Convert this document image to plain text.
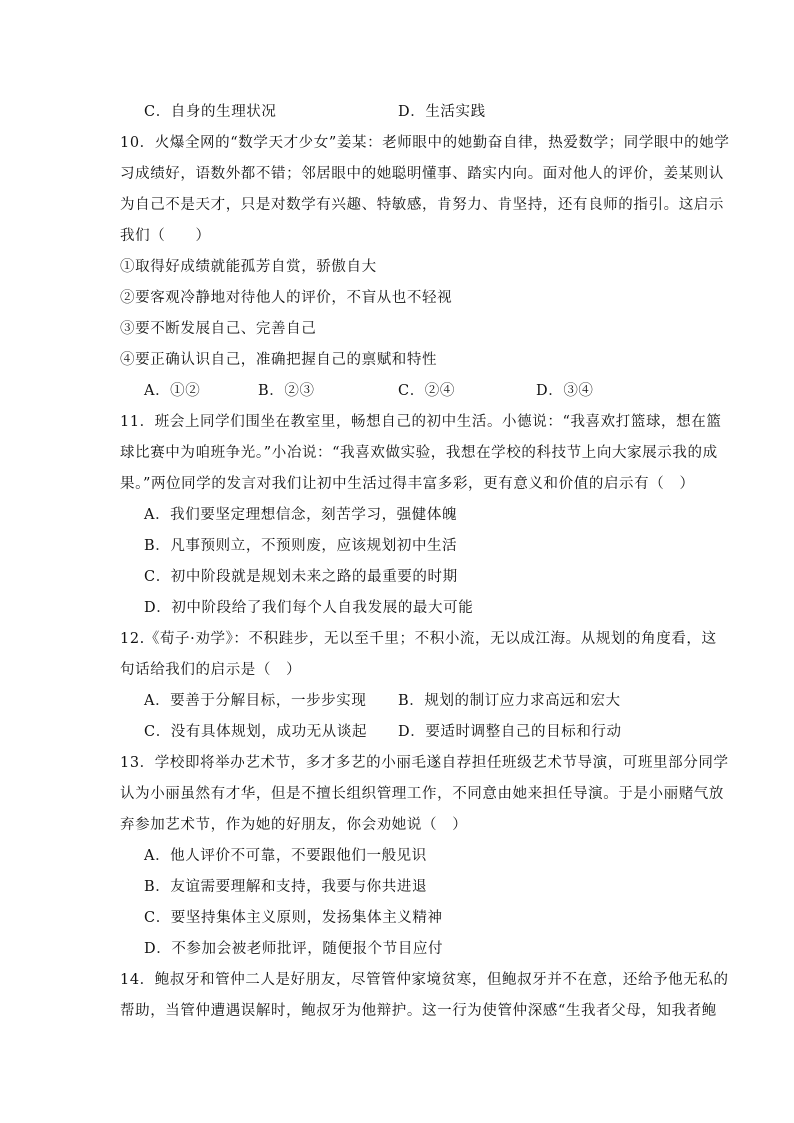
C．自身的生理状况	D．生活实践
10．火爆全网的“数学天才少女”姜某：老师眼中的她勤奋自律，热爱数学；同学眼中的她学
习成绩好，语数外都不错；邻居眼中的她聪明懂事、踏实内向。面对他人的评价，姜某则认
为自己不是天才，只是对数学有兴趣、特敏感，肯努力、肯坚持，还有良师的指引。这启示
我们（　　）
①取得好成绩就能孤芳自赏，骄傲自大
②要客观冷静地对待他人的评价，不盲从也不轻视
③要不断发展自己、完善自己
④要正确认识自己，准确把握自己的禀赋和特性
A．①②	B．②③	C．②④	D．③④
11．班会上同学们围坐在教室里，畅想自己的初中生活。小德说：“我喜欢打篮球，想在篮
球比赛中为咱班争光。”小冶说：“我喜欢做实验，我想在学校的科技节上向大家展示我的成
果。”两位同学的发言对我们让初中生活过得丰富多彩，更有意义和价值的启示有（　）
A．我们要坚定理想信念，刻苦学习，强健体魄
B．凡事预则立，不预则废，应该规划初中生活
C．初中阶段就是规划未来之路的最重要的时期
D．初中阶段给了我们每个人自我发展的最大可能
12.《荀子·劝学》：不积跬步，无以至千里；不积小流，无以成江海。从规划的角度看，这
句话给我们的启示是（　）
A．要善于分解目标，一步步实现 B．规划的制订应力求高远和宏大
C．没有具体规划，成功无从谈起 D．要适时调整自己的目标和行动
13．学校即将举办艺术节，多才多艺的小丽毛遂自荐担任班级艺术节导演，可班里部分同学
认为小丽虽然有才华，但是不擅长组织管理工作，不同意由她来担任导演。于是小丽赌气放
弃参加艺术节，作为她的好朋友，你会劝她说（　）
A．他人评价不可靠，不要跟他们一般见识
B．友谊需要理解和支持，我要与你共进退
C．要坚持集体主义原则，发扬集体主义精神
D．不参加会被老师批评，随便报个节目应付
14．鲍叔牙和管仲二人是好朋友，尽管管仲家境贫寒，但鲍叔牙并不在意，还给予他无私的
帮助，当管仲遭遇误解时，鲍叔牙为他辩护。这一行为使管仲深感“生我者父母，知我者鲍
